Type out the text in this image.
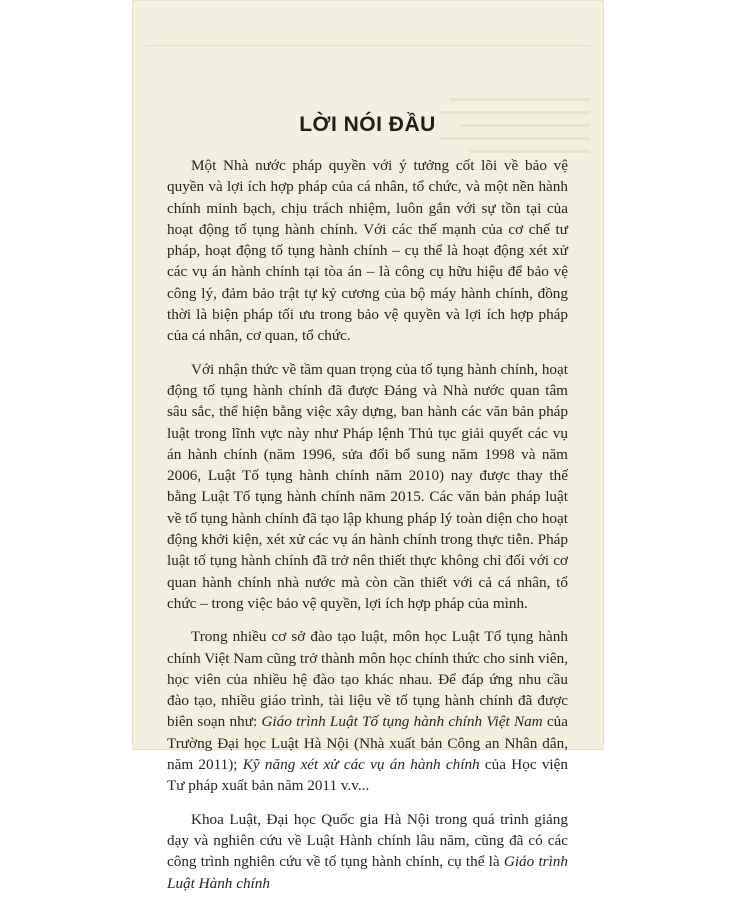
LỜI NÓI ĐẦU

Một Nhà nước pháp quyền với ý tưởng cốt lõi về bảo vệ quyền và lợi ích hợp pháp của cá nhân, tổ chức, và một nền hành chính minh bạch, chịu trách nhiệm, luôn gắn với sự tồn tại của hoạt động tố tụng hành chính. Với các thế mạnh của cơ chế tư pháp, hoạt động tố tụng hành chính – cụ thể là hoạt động xét xử các vụ án hành chính tại tòa án – là công cụ hữu hiệu để bảo vệ công lý, đảm bảo trật tự kỷ cương của bộ máy hành chính, đồng thời là biện pháp tối ưu trong bảo vệ quyền và lợi ích hợp pháp của cá nhân, cơ quan, tổ chức.

Với nhận thức về tầm quan trọng của tố tụng hành chính, hoạt động tố tụng hành chính đã được Đảng và Nhà nước quan tâm sâu sắc, thể hiện bằng việc xây dựng, ban hành các văn bản pháp luật trong lĩnh vực này như Pháp lệnh Thủ tục giải quyết các vụ án hành chính (năm 1996, sửa đổi bổ sung năm 1998 và năm 2006, Luật Tố tụng hành chính năm 2010) nay được thay thế bằng Luật Tố tụng hành chính năm 2015. Các văn bản pháp luật về tố tụng hành chính đã tạo lập khung pháp lý toàn diện cho hoạt động khởi kiện, xét xử các vụ án hành chính trong thực tiễn. Pháp luật tố tụng hành chính đã trở nên thiết thực không chỉ đối với cơ quan hành chính nhà nước mà còn cần thiết với cả cá nhân, tổ chức – trong việc bảo vệ quyền, lợi ích hợp pháp của mình.

Trong nhiều cơ sở đào tạo luật, môn học Luật Tố tụng hành chính Việt Nam cũng trở thành môn học chính thức cho sinh viên, học viên của nhiều hệ đào tạo khác nhau. Để đáp ứng nhu cầu đào tạo, nhiều giáo trình, tài liệu về tố tụng hành chính đã được biên soạn như: Giáo trình Luật Tố tụng hành chính Việt Nam của Trường Đại học Luật Hà Nội (Nhà xuất bản Công an Nhân dân, năm 2011); Kỹ năng xét xử các vụ án hành chính của Học viện Tư pháp xuất bản năm 2011 v.v...

Khoa Luật, Đại học Quốc gia Hà Nội trong quá trình giảng dạy và nghiên cứu về Luật Hành chính lâu năm, cũng đã có các công trình nghiên cứu về tố tụng hành chính, cụ thể là Giáo trình Luật Hành chính
